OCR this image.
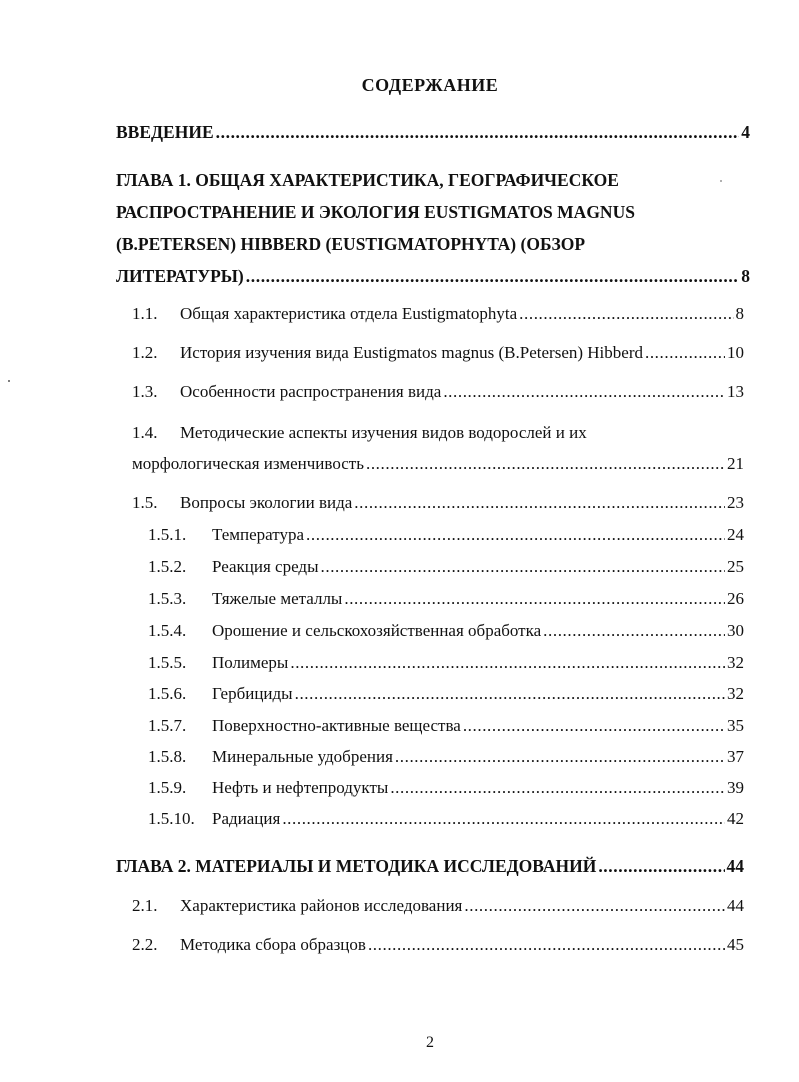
СОДЕРЖАНИЕ
ВВЕДЕНИЕ .....	4
ГЛАВА 1. ОБЩАЯ ХАРАКТЕРИСТИКА, ГЕОГРАФИЧЕСКОЕ
РАСПРОСТРАНЕНИЕ И ЭКОЛОГИЯ EUSTIGMATOS MAGNUS
(B.PETERSEN) HIBBERD (EUSTIGMATOPHYTA) (ОБЗОР
ЛИТЕРАТУРЫ) .....	8
1.1.	Общая характеристика отдела Eustigmatophyta .....	8
1.2.	История изучения вида Eustigmatos magnus (B.Petersen) Hibberd .....	10
1.3.	Особенности распространения вида .....	13
1.4.	Методические аспекты изучения видов водорослей и их
морфологическая изменчивость .....	21
1.5.	Вопросы экологии вида .....	23
1.5.1.	Температура .....	24
1.5.2.	Реакция среды .....	25
1.5.3.	Тяжелые металлы .....	26
1.5.4.	Орошение и сельскохозяйственная обработка .....	30
1.5.5.	Полимеры .....	32
1.5.6.	Гербициды .....	32
1.5.7.	Поверхностно-активные вещества .....	35
1.5.8.	Минеральные удобрения .....	37
1.5.9.	Нефть и нефтепродукты .....	39
1.5.10.	Радиация .....	42
ГЛАВА 2. МАТЕРИАЛЫ И МЕТОДИКА ИССЛЕДОВАНИЙ .....	44
2.1.	Характеристика районов исследования .....	44
2.2.	Методика сбора образцов .....	45
2
